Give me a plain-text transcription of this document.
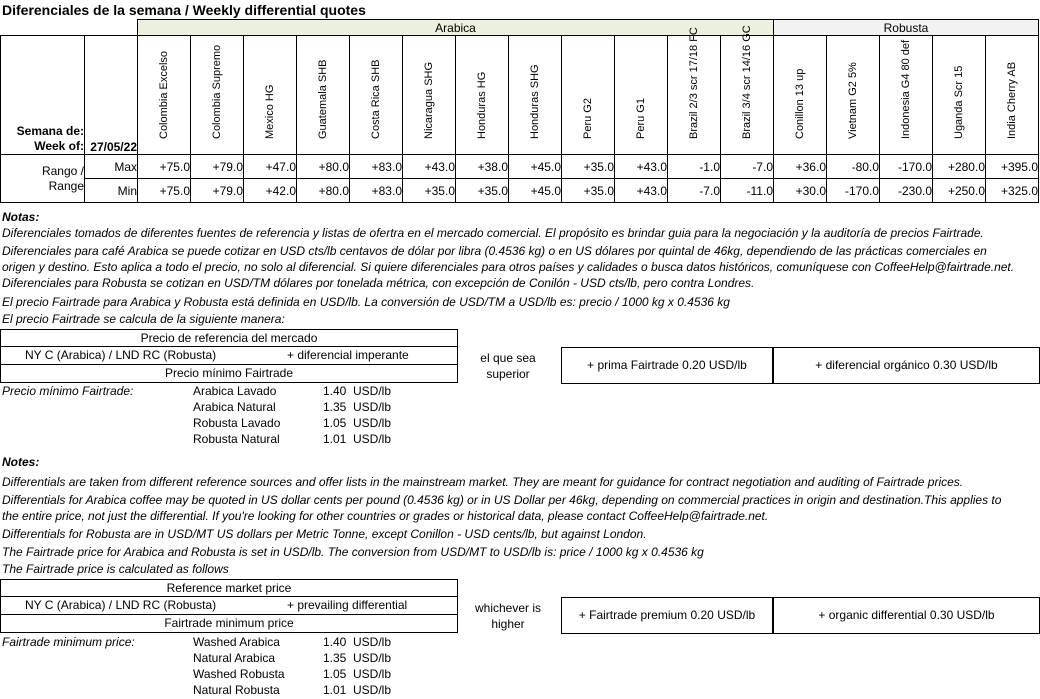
Diferenciales de la semana / Weekly differential quotes
		Arabica												Robusta				

Semana de:
Week of:	27/05/22	Colombia Excelso	Colombia Supremo	Mexico HG	Guatemala SHB	Costa Rica SHB	Nicaragua SHG	Honduras HG	Honduras SHG	Peru G2	Peru G1	Brazil 2/3 scr 17/18 FC	Brazil 3/4 scr 14/16 GC	Conillon 13 up	Vietnam G2 5%	Indonesia G4 80 def	Uganda Scr 15	India Cherry AB

Rango /
Range	Max	+75.0	+79.0	+47.0	+80.0	+83.0	+43.0	+38.0	+45.0	+35.0	+43.0	-1.0	-7.0	+36.0	-80.0	-170.0	+280.0	+395.0
	Min	+75.0	+79.0	+42.0	+80.0	+83.0	+35.0	+35.0	+45.0	+35.0	+43.0	-7.0	-11.0	+30.0	-170.0	-230.0	+250.0	+325.0
Notas:
Diferenciales tomados de diferentes fuentes de referencia y listas de ofertra en el mercado comercial. El propósito es brindar guia para la negociación y la auditoría de precios Fairtrade.
Diferenciales para café Arabica se puede cotizar en USD cts/lb centavos de dólar por libra (0.4536 kg) o en US dólares por quintal de 46kg, dependiendo de las prácticas comerciales en
origen y destino. Esto aplica a todo el precio, no solo al diferencial. Si quiere diferenciales para otros países y calidades o busca datos históricos, comuníquese con CoffeeHelp@fairtrade.net.
Diferenciales para Robusta se cotizan en USD/TM dólares por tonelada métrica, con excepción de Conilón - USD cts/lb, pero contra Londres.
El precio Fairtrade para Arabica y Robusta está definida en USD/lb. La conversión de USD/TM a USD/lb es: precio / 1000 kg x 0.4536 kg
El precio Fairtrade se calcula de la siguiente manera:
Precio de referencia del mercado
NY C (Arabica) / LND RC (Robusta)	+ diferencial imperante
Precio mínimo Fairtrade
el que sea
superior
+ prima Fairtrade 0.20 USD/lb	+ diferencial orgánico 0.30 USD/lb
Precio mínimo Fairtrade:	Arabica Lavado	1.40 USD/lb
Arabica Natural	1.35 USD/lb
Robusta Lavado	1.05 USD/lb
Robusta Natural	1.01 USD/lb
Notes:
Differentials are taken from different reference sources and offer lists in the mainstream market. They are meant for guidance for contract negotiation and auditing of Fairtrade prices.
Differentials for Arabica coffee may be quoted in US dollar cents per pound (0.4536 kg) or in US Dollar per 46kg, depending on commercial practices in origin and destination.This applies to
the entire price, not just the differential. If you're looking for other countries or grades or historical data, please contact CoffeeHelp@fairtrade.net.
Differentials for Robusta are in USD/MT US dollars per Metric Tonne, except Conillon - USD cents/lb, but against London.
The Fairtrade price for Arabica and Robusta is set in USD/lb. The conversion from USD/MT to USD/lb is: price / 1000 kg x 0.4536 kg
The Fairtrade price is calculated as follows
Reference market price
NY C (Arabica) / LND RC (Robusta)	+ prevailing differential
Fairtrade minimum price
whichever is
higher
+ Fairtrade premium 0.20 USD/lb	+ organic differential 0.30 USD/lb
Fairtrade minimum price:	Washed Arabica	1.40 USD/lb
Natural Arabica	1.35 USD/lb
Washed Robusta	1.05 USD/lb
Natural Robusta	1.01 USD/lb
